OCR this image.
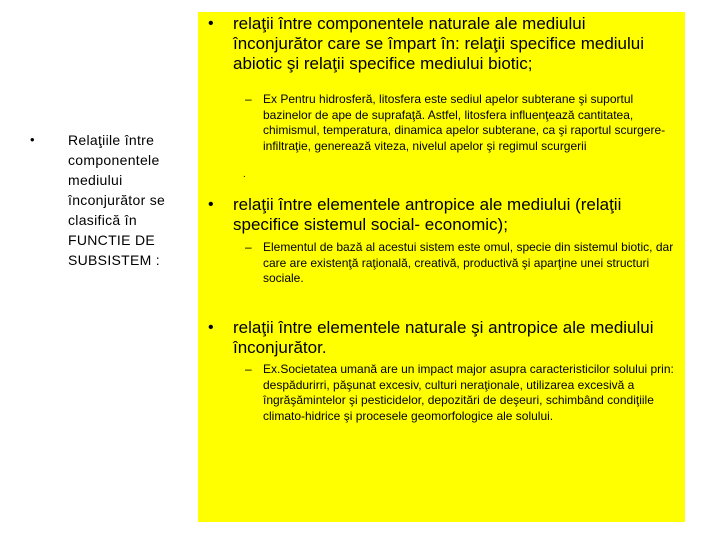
• Relaţiile între componentele mediului înconjurător se clasifică în FUNCTIE DE SUBSISTEM :
• relaţii între componentele naturale ale mediului înconjurător care se împart în: relaţii specifice mediului abiotic şi relaţii specifice mediului biotic;
– Ex Pentru hidrosferă, litosfera este sediul apelor subterane şi suportul bazinelor de ape de suprafaţă. Astfel, litosfera influenţează cantitatea, chimismul, temperatura, dinamica apelor subterane, ca şi raportul scurgere-infiltraţie, generează viteza, nivelul apelor şi regimul scurgerii
.
• relaţii între elementele antropice ale mediului (relaţii specifice sistemul social- economic);
– Elementul de bază al acestui sistem este omul, specie din sistemul biotic, dar care are existenţă raţională, creativă, productivă şi aparţine unei structuri sociale.
• relaţii între elementele naturale şi antropice ale mediului înconjurător.
– Ex.Societatea umană are un impact major asupra caracteristicilor solului prin: despădurirri, păşunat excesiv, culturi neraţionale, utilizarea excesivă a îngrăşămintelor şi pesticidelor, depozitări de deşeuri, schimbând condiţiile climato-hidrice şi procesele geomorfologice ale solului.
